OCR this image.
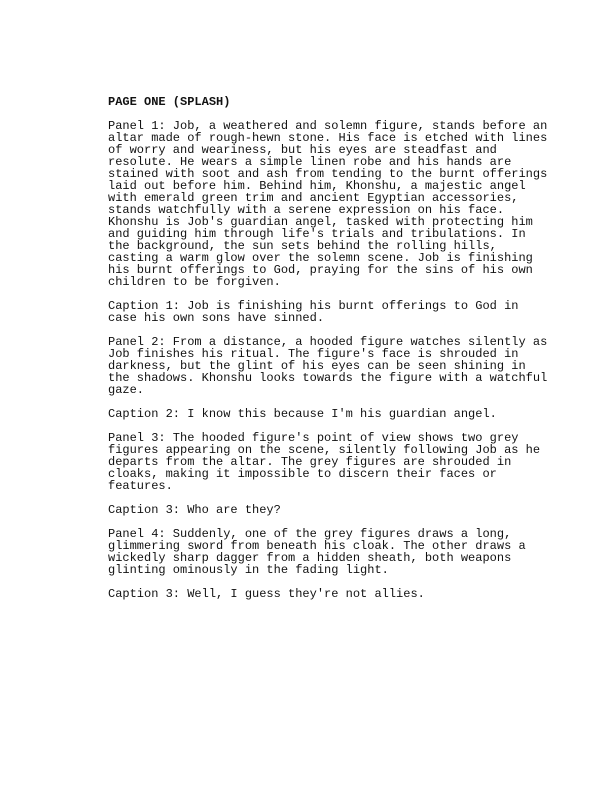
PAGE ONE (SPLASH)
Panel 1: Job, a weathered and solemn figure, stands before an
altar made of rough-hewn stone. His face is etched with lines
of worry and weariness, but his eyes are steadfast and
resolute. He wears a simple linen robe and his hands are
stained with soot and ash from tending to the burnt offerings
laid out before him. Behind him, Khonshu, a majestic angel
with emerald green trim and ancient Egyptian accessories,
stands watchfully with a serene expression on his face.
Khonshu is Job's guardian angel, tasked with protecting him
and guiding him through life's trials and tribulations. In
the background, the sun sets behind the rolling hills,
casting a warm glow over the solemn scene. Job is finishing
his burnt offerings to God, praying for the sins of his own
children to be forgiven.
Caption 1: Job is finishing his burnt offerings to God in
case his own sons have sinned.
Panel 2: From a distance, a hooded figure watches silently as
Job finishes his ritual. The figure's face is shrouded in
darkness, but the glint of his eyes can be seen shining in
the shadows. Khonshu looks towards the figure with a watchful
gaze.
Caption 2: I know this because I'm his guardian angel.
Panel 3: The hooded figure's point of view shows two grey
figures appearing on the scene, silently following Job as he
departs from the altar. The grey figures are shrouded in
cloaks, making it impossible to discern their faces or
features.
Caption 3: Who are they?
Panel 4: Suddenly, one of the grey figures draws a long,
glimmering sword from beneath his cloak. The other draws a
wickedly sharp dagger from a hidden sheath, both weapons
glinting ominously in the fading light.
Caption 3: Well, I guess they're not allies.
